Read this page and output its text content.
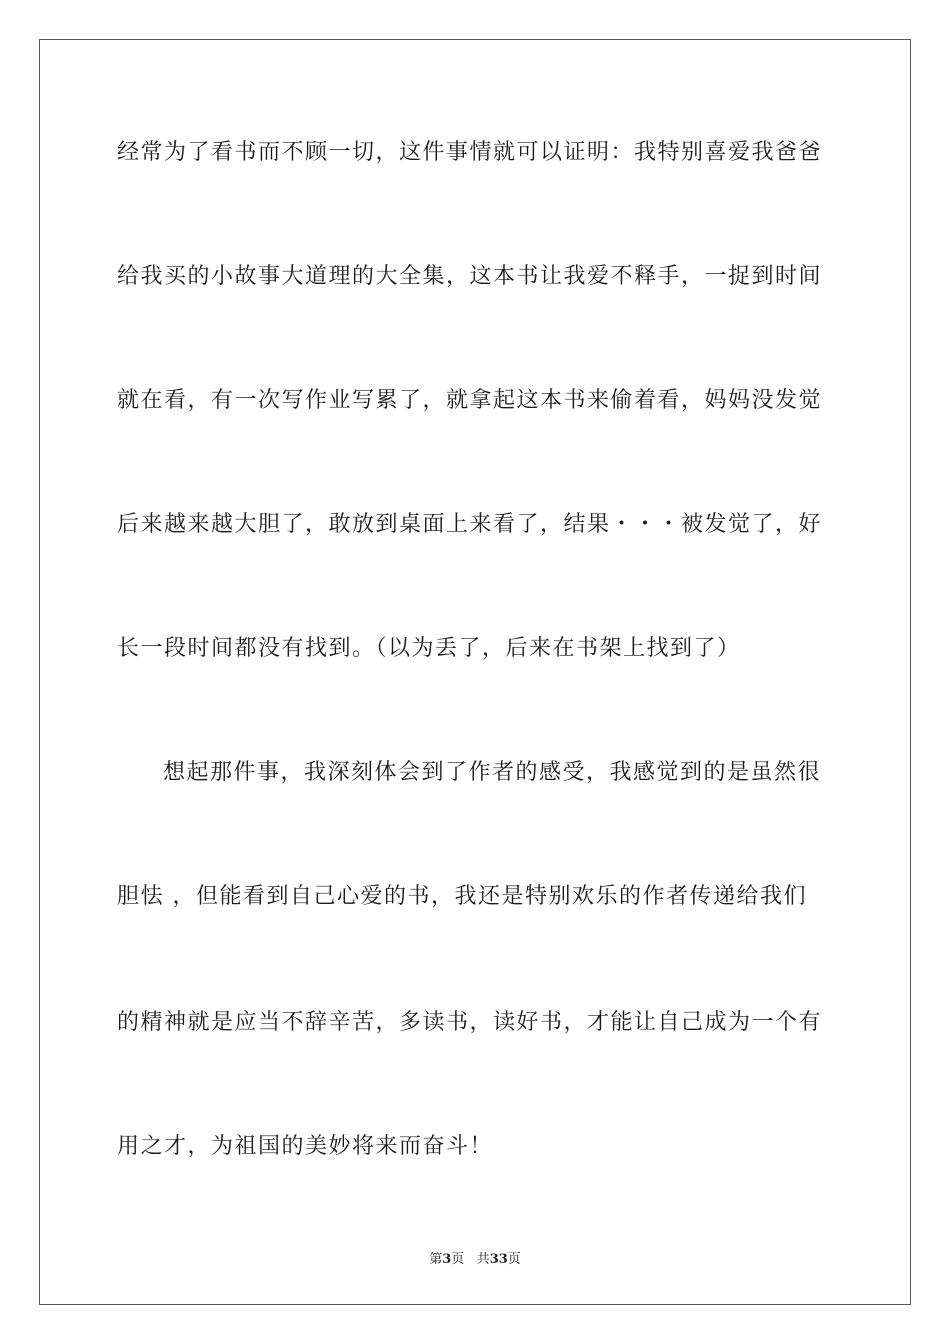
经常为了看书而不顾一切，这件事情就可以证明：我特别喜爱我爸爸
给我买的小故事大道理的大全集，这本书让我爱不释手，一捉到时间
就在看，有一次写作业写累了，就拿起这本书来偷着看，妈妈没发觉
后来越来越大胆了，敢放到桌面上来看了，结果・・・被发觉了，好
长一段时间都没有找到。（以为丢了，后来在书架上找到了）
想起那件事，我深刻体会到了作者的感受，我感觉到的是虽然很
胆怯 ，但能看到自己心爱的书，我还是特别欢乐的作者传递给我们
的精神就是应当不辞辛苦，多读书，读好书，才能让自己成为一个有
用之才，为祖国的美妙将来而奋斗！
第3页 共33页
